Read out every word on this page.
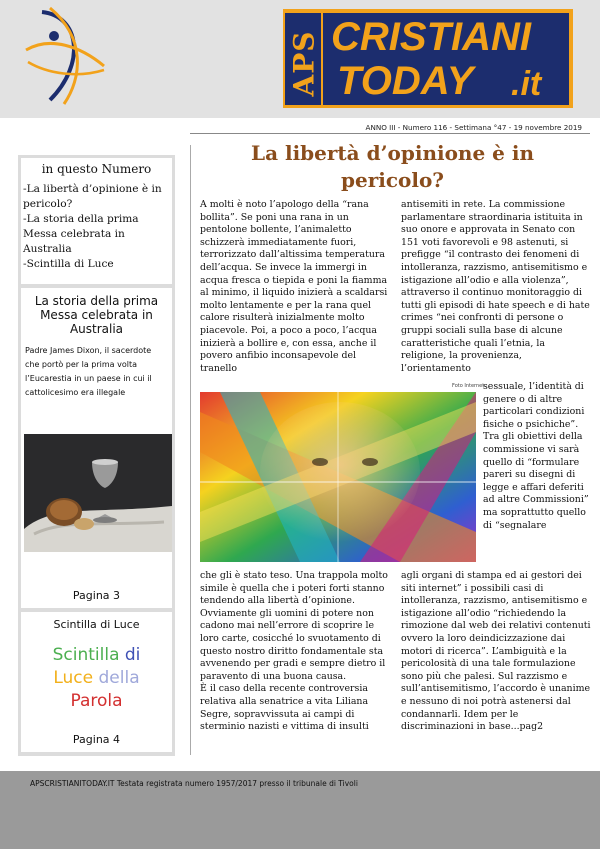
APS CRISTIANI
TODAY .it
ANNO III - Numero 116 - Settimana °47 - 19 novembre 2019
in questo Numero
-La libertà d’opinione è in pericolo?
-La storia della prima Messa celebrata in Australia
-Scintilla di Luce
La storia della prima Messa celebrata in Australia
Padre James Dixon, il sacerdote che portò per la prima volta l’Eucarestia in un paese in cui il cattolicesimo era illegale
Pagina 3
Scintilla di Luce
Scintilla di
Luce della
Parola
Pagina 4
La libertà d’opinione è in pericolo?
A molti è noto l’apologo della “rana bollita”. Se poni una rana in un pentolone bollente, l’animaletto schizzerà immediatamente fuori, terrorizzato dall’altissima temperatura dell’acqua. Se invece la immergi in acqua fresca o tiepida e poni la fiamma al minimo, il liquido inizierà a scaldarsi molto lentamente e per la rana quel calore risulterà inizialmente molto piacevole. Poi, a poco a poco, l’acqua inizierà a bollire e, con essa, anche il povero anfibio inconsapevole del tranello
antisemiti in rete. La commissione parlamentare straordinaria istituita in suo onore e approvata in Senato con 151 voti favorevoli e 98 astenuti, si prefigge “il contrasto dei fenomeni di intolleranza, razzismo, antisemitismo e istigazione all’odio e alla violenza”, attraverso il continuo monitoraggio di tutti gli episodi di hate speech e di hate crimes “nei confronti di persone o gruppi sociali sulla base di alcune caratteristiche quali l’etnia, la religione, la provenienza, l’orientamento
Foto Internet
sessuale, l’identità di genere o di altre particolari condizioni fisiche o psichiche”. Tra gli obiettivi della commissione vi sarà quello di “formulare pareri su disegni di legge e affari deferiti ad altre Commissioni” ma soprattutto quello di “segnalare
che gli è stato teso. Una trappola molto simile è quella che i poteri forti stanno tendendo alla libertà d’opinione. Ovviamente gli uomini di potere non cadono mai nell’errore di scoprire le loro carte, cosicché lo svuotamento di questo nostro diritto fondamentale sta avvenendo per gradi e sempre dietro il paravento di una buona causa.
È il caso della recente controversia relativa alla senatrice a vita Liliana Segre, sopravvissuta ai campi di sterminio nazisti e vittima di insulti
agli organi di stampa ed ai gestori dei siti internet” i possibili casi di intolleranza, razzismo, antisemitismo e istigazione all’odio “richiedendo la rimozione dal web dei relativi contenuti ovvero la loro deindicizzazione dai motori di ricerca”. L’ambiguità e la pericolosità di una tale formulazione sono più che palesi. Sul razzismo e sull’antisemitismo, l’accordo è unanime e nessuno di noi potrà astenersi dal condannarli. Idem per le discriminazioni in base...pag2
APSCRISTIANITODAY.IT Testata registrata numero 1957/2017 presso il tribunale di Tivoli
